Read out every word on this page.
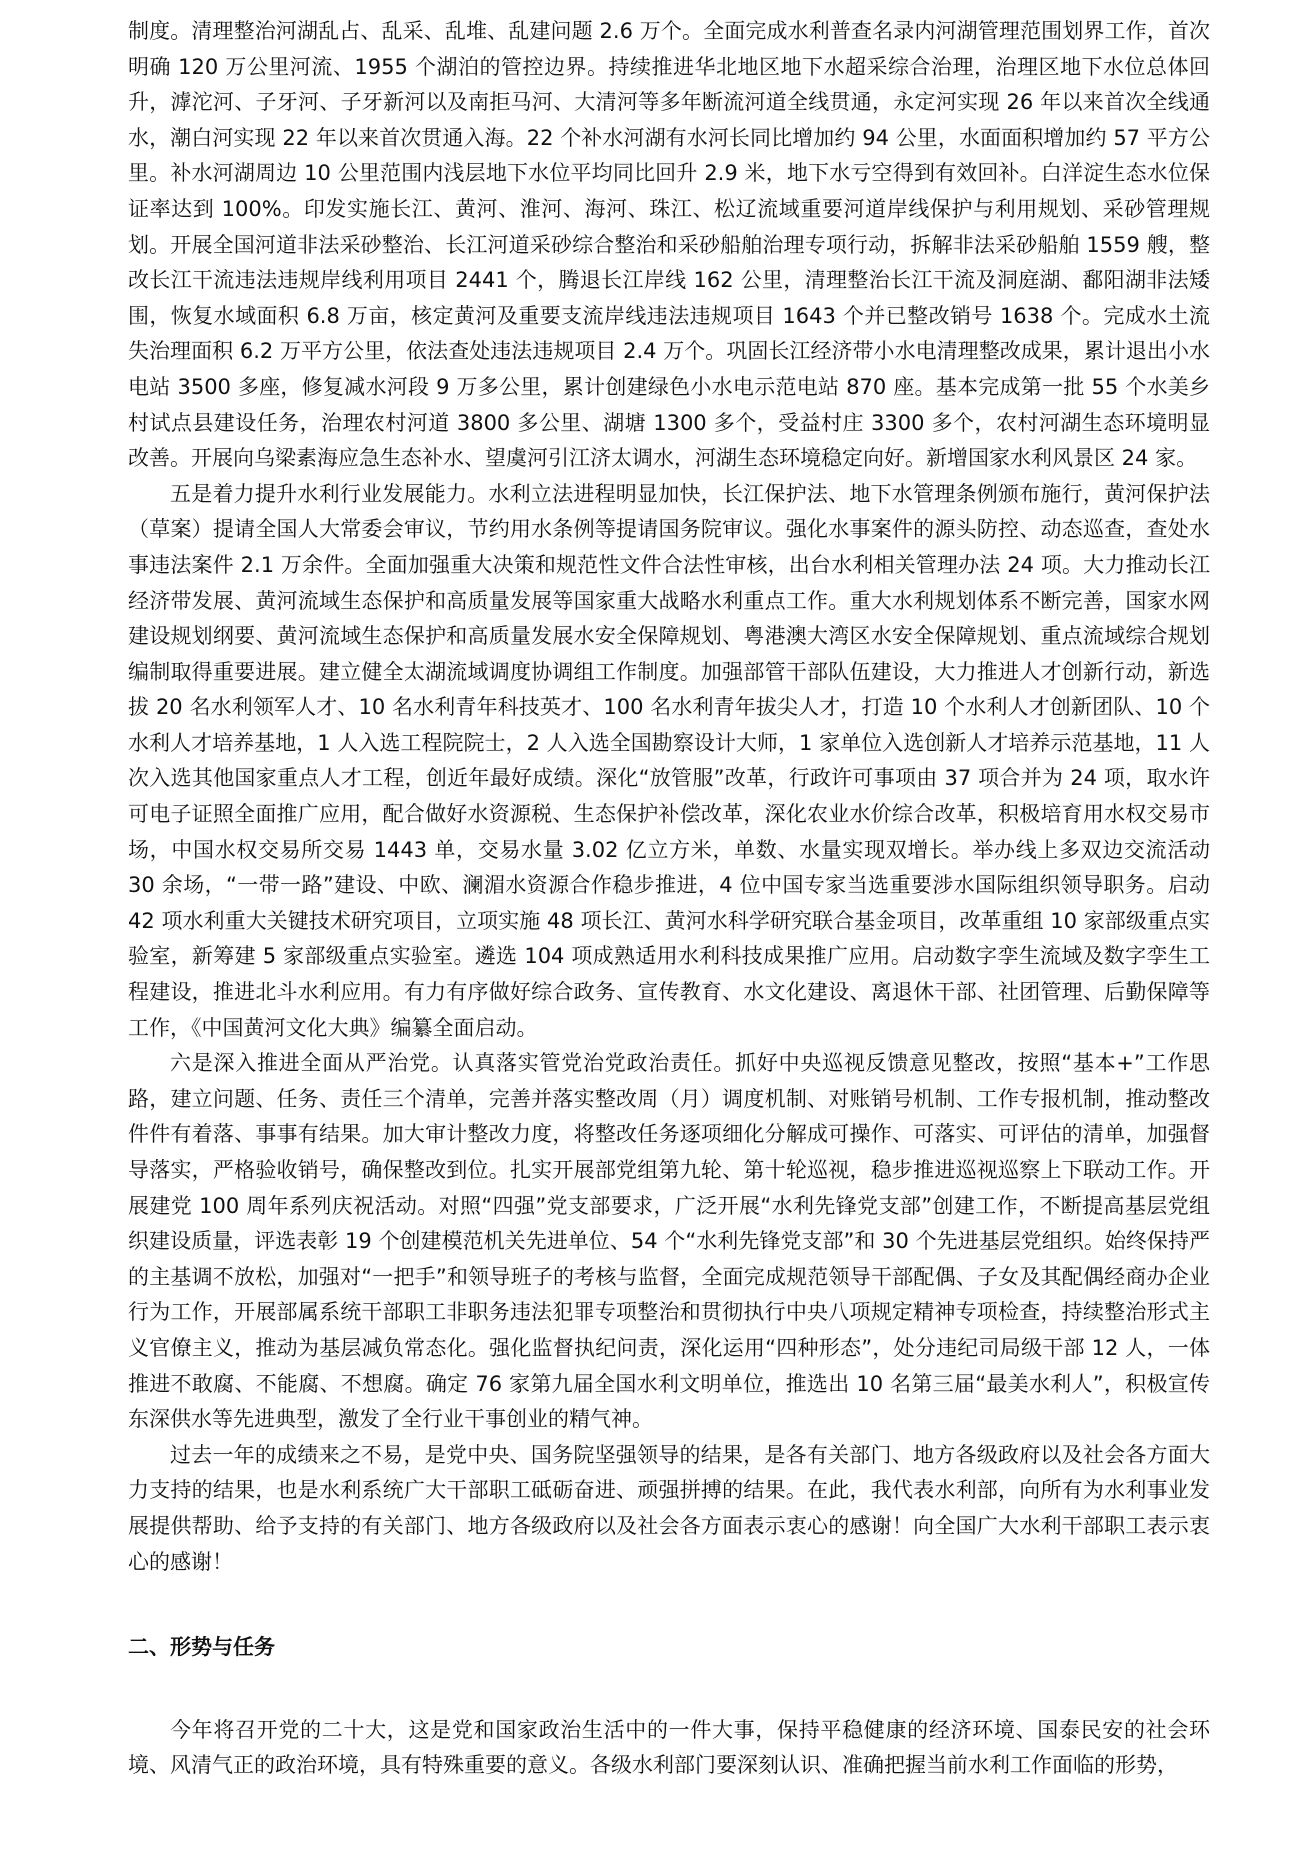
制度。清理整治河湖乱占、乱采、乱堆、乱建问题 2.6 万个。全面完成水利普查名录内河湖管理范围划界工作，首次明确 120 万公里河流、1955 个湖泊的管控边界。持续推进华北地区地下水超采综合治理，治理区地下水位总体回升，滹沱河、子牙河、子牙新河以及南拒马河、大清河等多年断流河道全线贯通，永定河实现 26 年以来首次全线通水，潮白河实现 22 年以来首次贯通入海。22 个补水河湖有水河长同比增加约 94 公里，水面面积增加约 57 平方公里。补水河湖周边 10 公里范围内浅层地下水位平均同比回升 2.9 米，地下水亏空得到有效回补。白洋淀生态水位保证率达到 100%。印发实施长江、黄河、淮河、海河、珠江、松辽流域重要河道岸线保护与利用规划、采砂管理规划。开展全国河道非法采砂整治、长江河道采砂综合整治和采砂船舶治理专项行动，拆解非法采砂船舶 1559 艘，整改长江干流违法违规岸线利用项目 2441 个，腾退长江岸线 162 公里，清理整治长江干流及洞庭湖、鄱阳湖非法矮围，恢复水域面积 6.8 万亩，核定黄河及重要支流岸线违法违规项目 1643 个并已整改销号 1638 个。完成水土流失治理面积 6.2 万平方公里，依法查处违法违规项目 2.4 万个。巩固长江经济带小水电清理整改成果，累计退出小水电站 3500 多座，修复减水河段 9 万多公里，累计创建绿色小水电示范电站 870 座。基本完成第一批 55 个水美乡村试点县建设任务，治理农村河道 3800 多公里、湖塘 1300 多个，受益村庄 3300 多个，农村河湖生态环境明显改善。开展向乌梁素海应急生态补水、望虞河引江济太调水，河湖生态环境稳定向好。新增国家水利风景区 24 家。

五是着力提升水利行业发展能力。水利立法进程明显加快，长江保护法、地下水管理条例颁布施行，黄河保护法（草案）提请全国人大常委会审议，节约用水条例等提请国务院审议。强化水事案件的源头防控、动态巡查，查处水事违法案件 2.1 万余件。全面加强重大决策和规范性文件合法性审核，出台水利相关管理办法 24 项。大力推动长江经济带发展、黄河流域生态保护和高质量发展等国家重大战略水利重点工作。重大水利规划体系不断完善，国家水网建设规划纲要、黄河流域生态保护和高质量发展水安全保障规划、粤港澳大湾区水安全保障规划、重点流域综合规划编制取得重要进展。建立健全太湖流域调度协调组工作制度。加强部管干部队伍建设，大力推进人才创新行动，新选拔 20 名水利领军人才、10 名水利青年科技英才、100 名水利青年拔尖人才，打造 10 个水利人才创新团队、10 个水利人才培养基地，1 人入选工程院院士，2 人入选全国勘察设计大师，1 家单位入选创新人才培养示范基地，11 人次入选其他国家重点人才工程，创近年最好成绩。深化“放管服”改革，行政许可事项由 37 项合并为 24 项，取水许可电子证照全面推广应用，配合做好水资源税、生态保护补偿改革，深化农业水价综合改革，积极培育用水权交易市场，中国水权交易所交易 1443 单，交易水量 3.02 亿立方米，单数、水量实现双增长。举办线上多双边交流活动 30 余场，“一带一路”建设、中欧、澜湄水资源合作稳步推进，4 位中国专家当选重要涉水国际组织领导职务。启动 42 项水利重大关键技术研究项目，立项实施 48 项长江、黄河水科学研究联合基金项目，改革重组 10 家部级重点实验室，新筹建 5 家部级重点实验室。遴选 104 项成熟适用水利科技成果推广应用。启动数字孪生流域及数字孪生工程建设，推进北斗水利应用。有力有序做好综合政务、宣传教育、水文化建设、离退休干部、社团管理、后勤保障等工作，《中国黄河文化大典》编纂全面启动。

六是深入推进全面从严治党。认真落实管党治党政治责任。抓好中央巡视反馈意见整改，按照“基本+”工作思路，建立问题、任务、责任三个清单，完善并落实整改周（月）调度机制、对账销号机制、工作专报机制，推动整改件件有着落、事事有结果。加大审计整改力度，将整改任务逐项细化分解成可操作、可落实、可评估的清单，加强督导落实，严格验收销号，确保整改到位。扎实开展部党组第九轮、第十轮巡视，稳步推进巡视巡察上下联动工作。开展建党 100 周年系列庆祝活动。对照“四强”党支部要求，广泛开展“水利先锋党支部”创建工作，不断提高基层党组织建设质量，评选表彰 19 个创建模范机关先进单位、54 个“水利先锋党支部”和 30 个先进基层党组织。始终保持严的主基调不放松，加强对“一把手”和领导班子的考核与监督，全面完成规范领导干部配偶、子女及其配偶经商办企业行为工作，开展部属系统干部职工非职务违法犯罪专项整治和贯彻执行中央八项规定精神专项检查，持续整治形式主义官僚主义，推动为基层减负常态化。强化监督执纪问责，深化运用“四种形态”，处分违纪司局级干部 12 人，一体推进不敢腐、不能腐、不想腐。确定 76 家第九届全国水利文明单位，推选出 10 名第三届“最美水利人”，积极宣传东深供水等先进典型，激发了全行业干事创业的精气神。

过去一年的成绩来之不易，是党中央、国务院坚强领导的结果，是各有关部门、地方各级政府以及社会各方面大力支持的结果，也是水利系统广大干部职工砥砺奋进、顽强拼搏的结果。在此，我代表水利部，向所有为水利事业发展提供帮助、给予支持的有关部门、地方各级政府以及社会各方面表示衷心的感谢！向全国广大水利干部职工表示衷心的感谢！

二、形势与任务

今年将召开党的二十大，这是党和国家政治生活中的一件大事，保持平稳健康的经济环境、国泰民安的社会环境、风清气正的政治环境，具有特殊重要的意义。各级水利部门要深刻认识、准确把握当前水利工作面临的形势，
